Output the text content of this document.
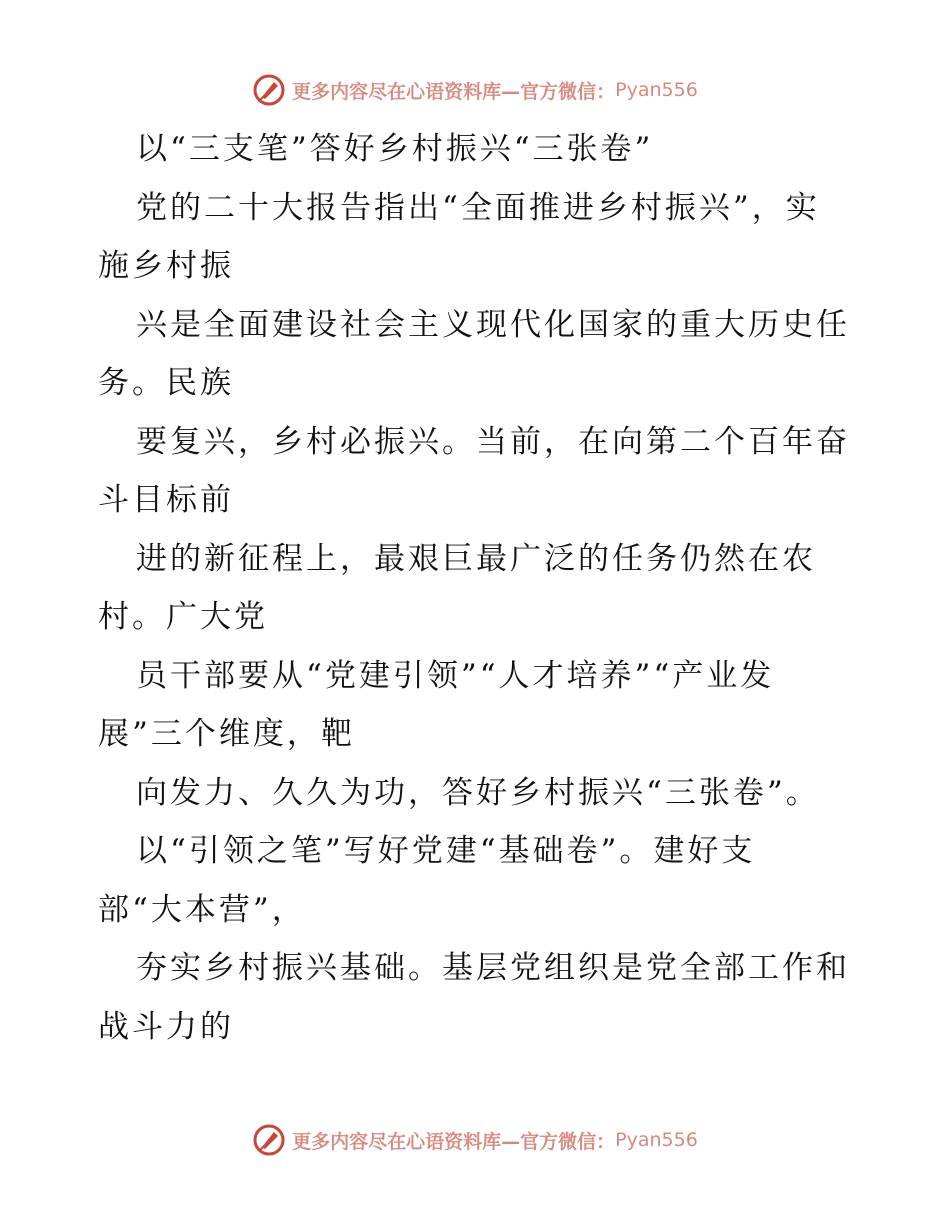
更多内容尽在心语资料库—官方微信： Pyan556
以“三支笔”答好乡村振兴“三张卷”
党的二十大报告指出“全面推进乡村振兴”，实
施乡村振
兴是全面建设社会主义现代化国家的重大历史任
务。民族
要复兴，乡村必振兴。当前，在向第二个百年奋
斗目标前
进的新征程上，最艰巨最广泛的任务仍然在农
村。广大党
员干部要从“党建引领”“人才培养”“产业发
展”三个维度，靶
向发力、久久为功，答好乡村振兴“三张卷”。
以“引领之笔”写好党建“基础卷”。建好支
部“大本营”，
夯实乡村振兴基础。基层党组织是党全部工作和
战斗力的
更多内容尽在心语资料库—官方微信： Pyan556
